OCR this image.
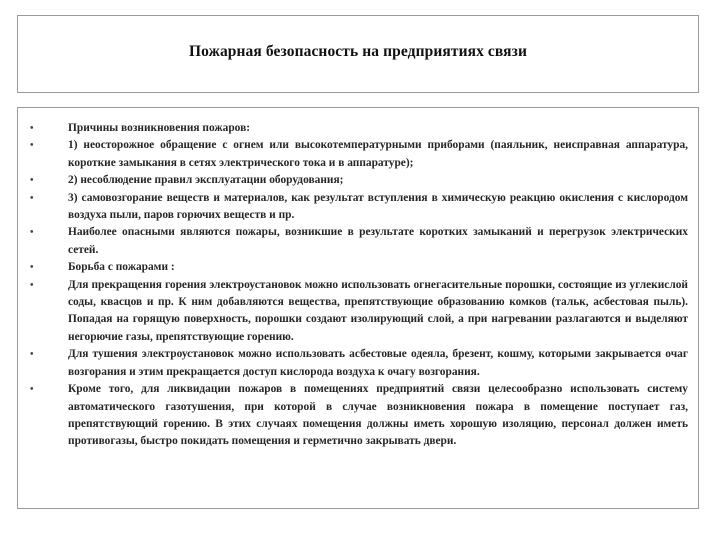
Пожарная безопасность на предприятиях связи
•	Причины возникновения пожаров:
•	1) неосторожное обращение с огнем или высокотемпературными приборами (паяльник, неисправная аппаратура, короткие замыкания в сетях электрического тока и в аппаратуре);
•	2) несоблюдение правил эксплуатации оборудования;
•	3) самовозгорание веществ и материалов, как результат вступления в химическую реакцию окисления с кислородом воздуха пыли, паров горючих веществ и пр.
•	Наиболее опасными являются пожары, возникшие в результате коротких замыканий и перегрузок электрических сетей.
•	Борьба с пожарами :
•	Для прекращения горения электроустановок можно использовать огнегасительные порошки, состоящие из углекислой соды, квасцов и пр. К ним добавляются вещества, препятствующие образованию комков (тальк, асбестовая пыль). Попадая на горящую поверхность, порошки создают изолирующий слой, а при нагревании разлагаются и выделяют негорючие газы, препятствующие горению.
•	Для тушения электроустановок можно использовать асбестовые одеяла, брезент, кошму, которыми закрывается очаг возгорания и этим прекращается доступ кислорода воздуха к очагу возгорания.
•	Кроме того, для ликвидации пожаров в помещениях предприятий связи целесообразно использовать систему автоматического газотушения, при которой в случае возникновения пожара в помещение поступает газ, препятствующий горению. В этих случаях помещения должны иметь хорошую изоляцию, персонал должен иметь противогазы, быстро покидать помещения и герметично закрывать двери.
